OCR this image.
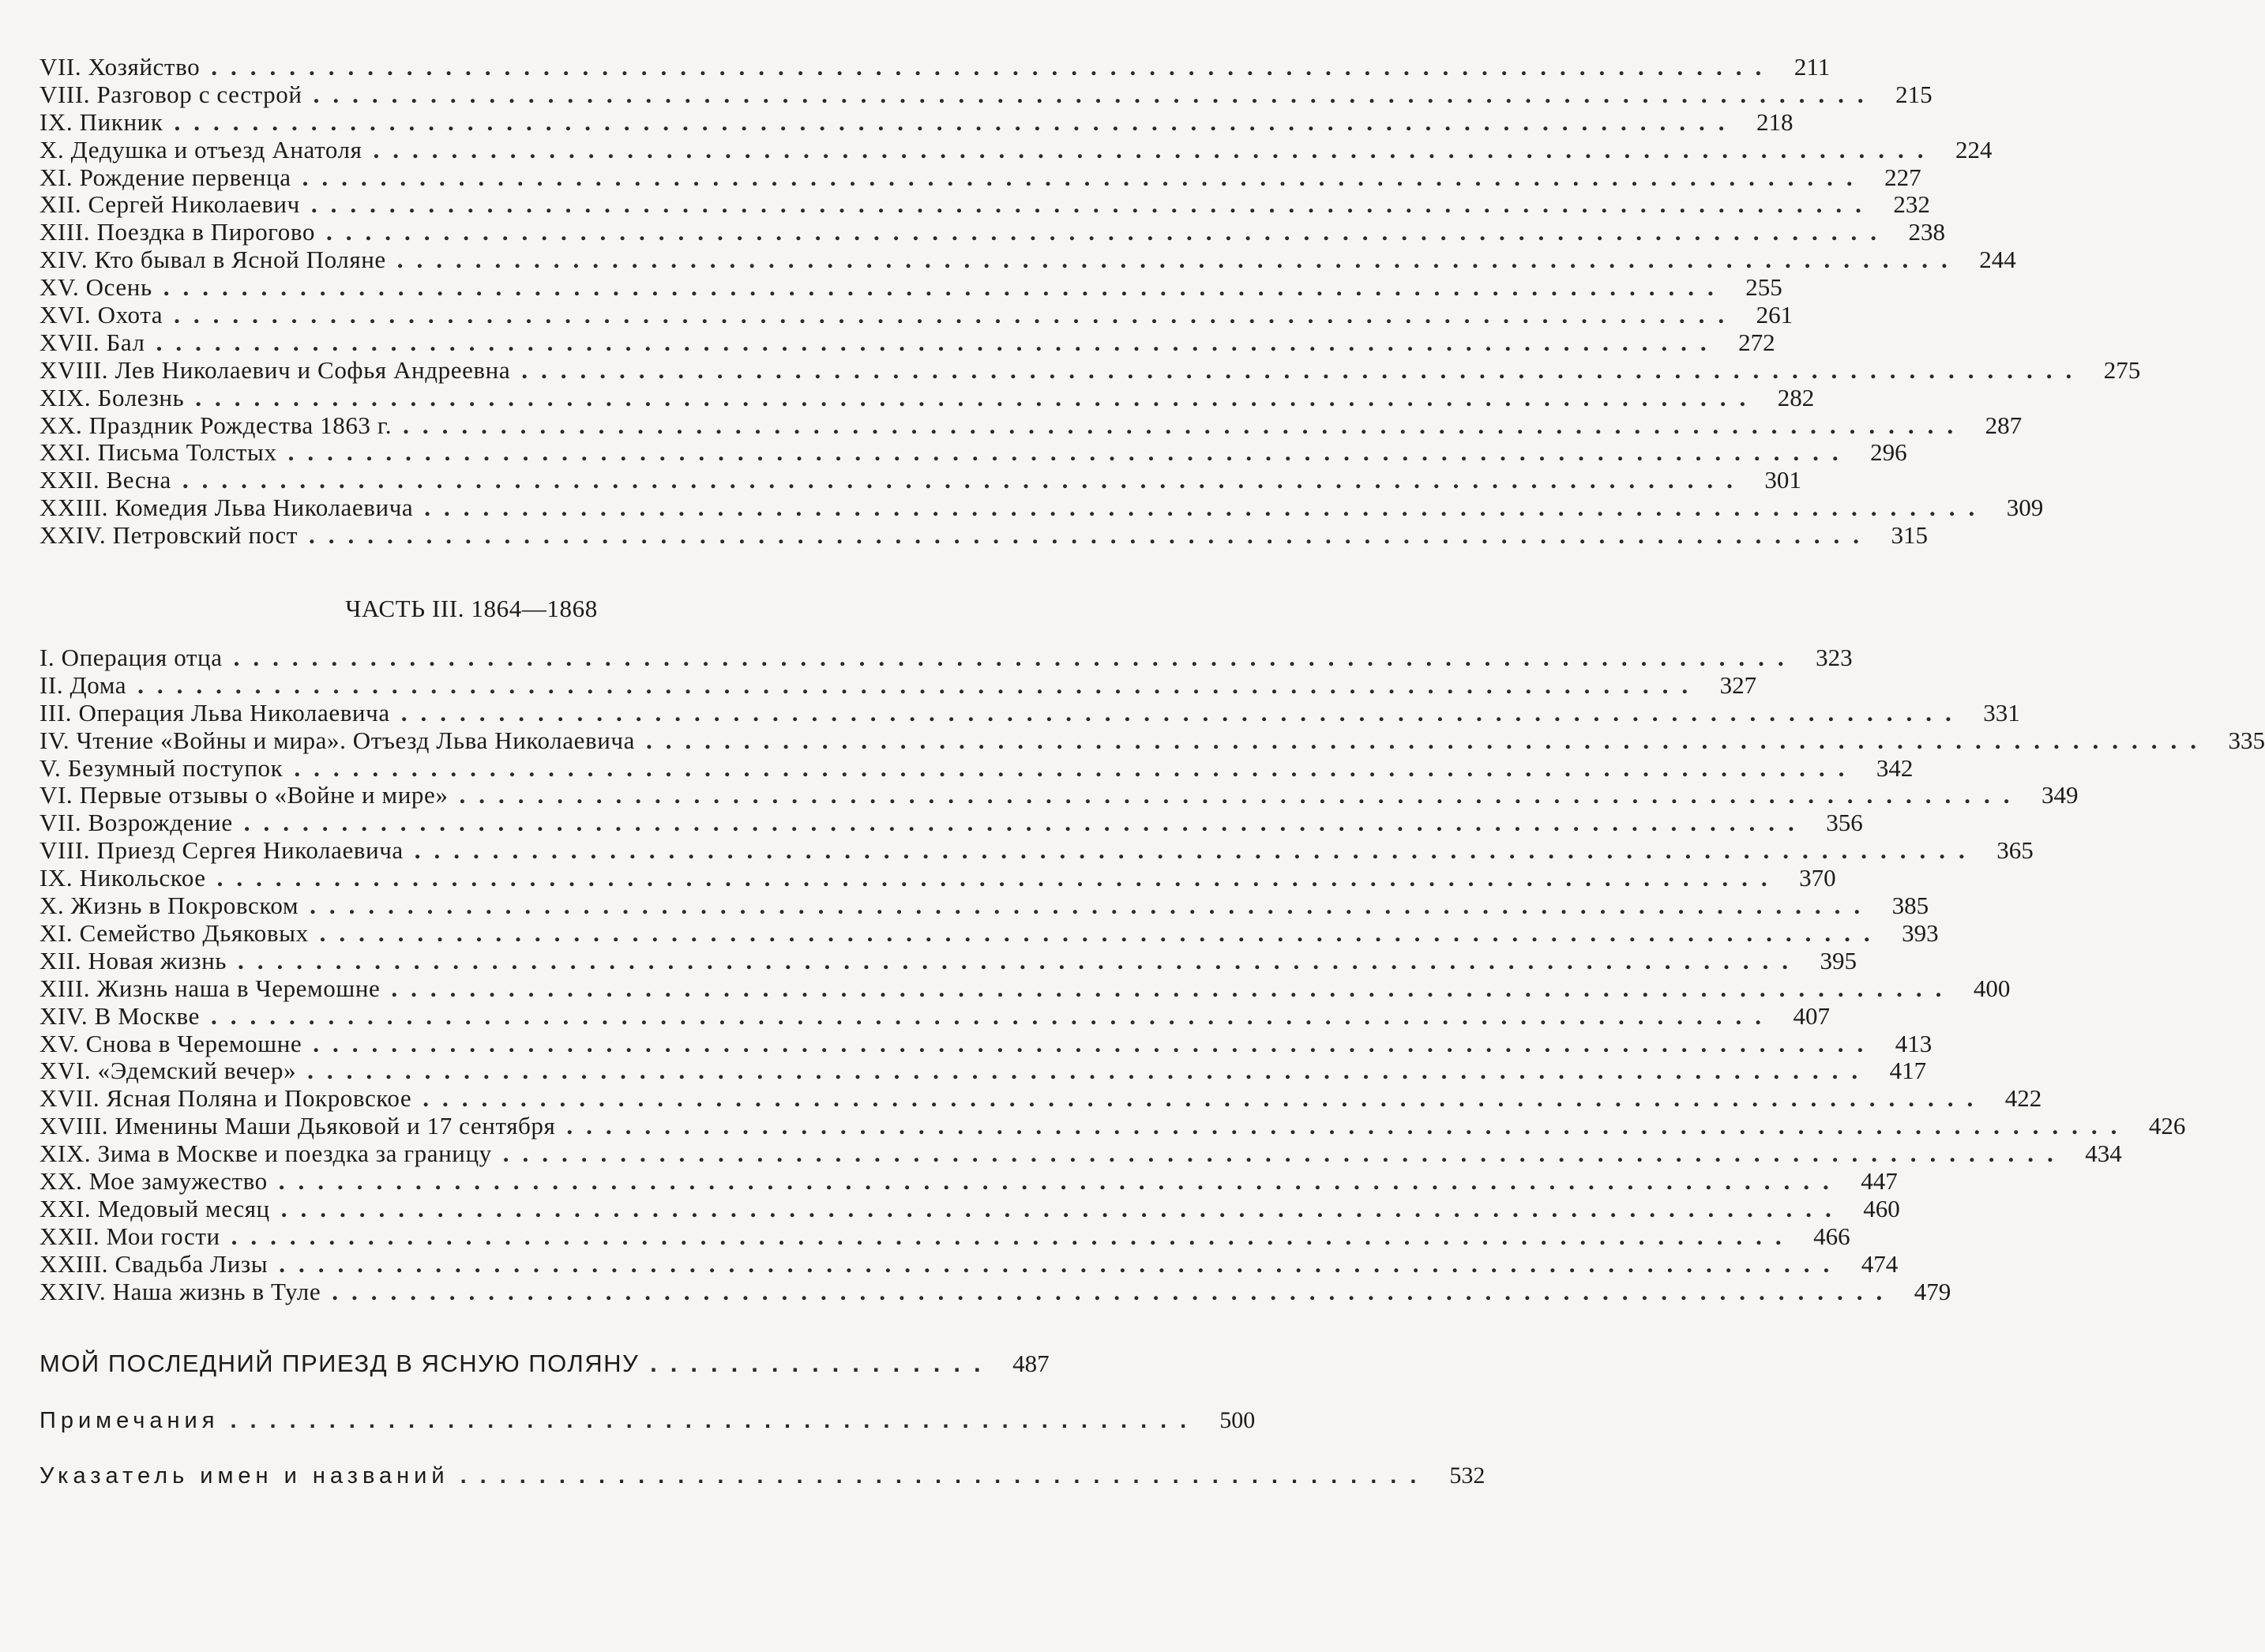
VII. Хозяйство ................................................................................ 211
VIII. Разговор с сестрой ................................................................................ 215
IX. Пикник ................................................................................ 218
X. Дедушка и отъезд Анатоля ................................................................................ 224
XI. Рождение первенца ................................................................................ 227
XII. Сергей Николаевич ................................................................................ 232
XIII. Поездка в Пирогово ................................................................................ 238
XIV. Кто бывал в Ясной Поляне ................................................................................ 244
XV. Осень ................................................................................ 255
XVI. Охота ................................................................................ 261
XVII. Бал ................................................................................ 272
XVIII. Лев Николаевич и Софья Андреевна ................................................................................ 275
XIX. Болезнь ................................................................................ 282
XX. Праздник Рождества 1863 г. ................................................................................ 287
XXI. Письма Толстых ................................................................................ 296
XXII. Весна ................................................................................ 301
XXIII. Комедия Льва Николаевича ................................................................................ 309
XXIV. Петровский пост ................................................................................ 315
ЧАСТЬ III. 1864—1868
I. Операция отца ................................................................................ 323
II. Дома ................................................................................ 327
III. Операция Льва Николаевича ................................................................................ 331
IV. Чтение «Войны и мира». Отъезд Льва Николаевича ................................................................................ 335
V. Безумный поступок ................................................................................ 342
VI. Первые отзывы о «Войне и мире» ................................................................................ 349
VII. Возрождение ................................................................................ 356
VIII. Приезд Сергея Николаевича ................................................................................ 365
IX. Никольское ................................................................................ 370
X. Жизнь в Покровском ................................................................................ 385
XI. Семейство Дьяковых ................................................................................ 393
XII. Новая жизнь ................................................................................ 395
XIII. Жизнь наша в Черемошне ................................................................................ 400
XIV. В Москве ................................................................................ 407
XV. Снова в Черемошне ................................................................................ 413
XVI. «Эдемский вечер» ................................................................................ 417
XVII. Ясная Поляна и Покровское ................................................................................ 422
XVIII. Именины Маши Дьяковой и 17 сентября ................................................................................ 426
XIX. Зима в Москве и поездка за границу ................................................................................ 434
XX. Мое замужество ................................................................................ 447
XXI. Медовый месяц ................................................................................ 460
XXII. Мои гости ................................................................................ 466
XXIII. Свадьба Лизы ................................................................................ 474
XXIV. Наша жизнь в Туле ................................................................................ 479
МОЙ ПОСЛЕДНИЙ ПРИЕЗД В ЯСНУЮ ПОЛЯНУ ................. 487
Примечания ................................................. 500
Указатель имен и названий ................................................. 532
